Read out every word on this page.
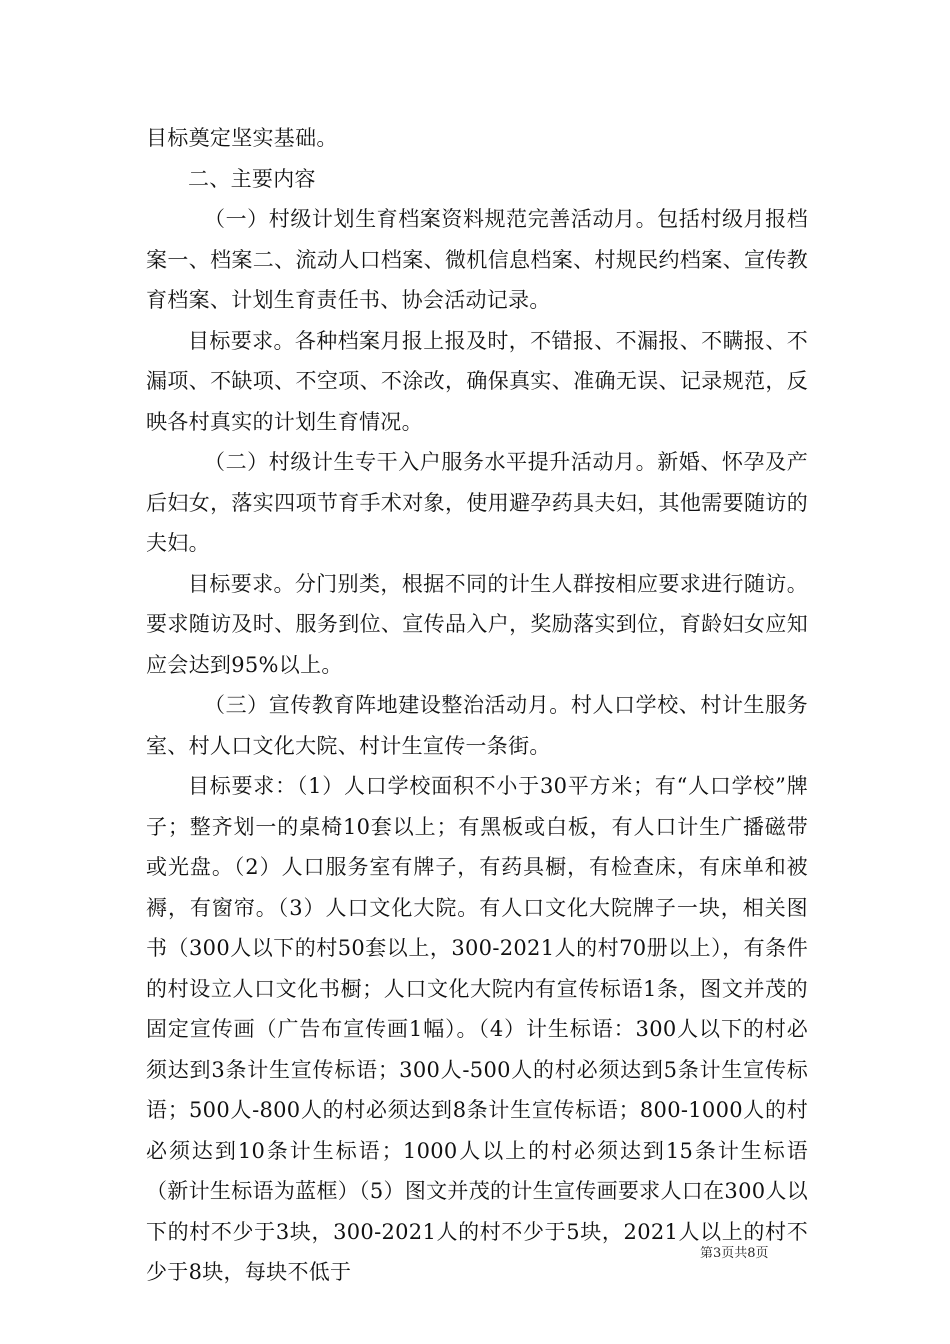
目标奠定坚实基础。

二、主要内容

（一）村级计划生育档案资料规范完善活动月。包括村级月报档案一、档案二、流动人口档案、微机信息档案、村规民约档案、宣传教育档案、计划生育责任书、协会活动记录。

目标要求。各种档案月报上报及时，不错报、不漏报、不瞒报、不漏项、不缺项、不空项、不涂改，确保真实、准确无误、记录规范，反映各村真实的计划生育情况。

（二）村级计生专干入户服务水平提升活动月。新婚、怀孕及产后妇女，落实四项节育手术对象，使用避孕药具夫妇，其他需要随访的夫妇。

目标要求。分门别类，根据不同的计生人群按相应要求进行随访。要求随访及时、服务到位、宣传品入户，奖励落实到位，育龄妇女应知应会达到95%以上。

（三）宣传教育阵地建设整治活动月。村人口学校、村计生服务室、村人口文化大院、村计生宣传一条街。

目标要求：（1）人口学校面积不小于30平方米；有“人口学校”牌子；整齐划一的桌椅10套以上；有黑板或白板，有人口计生广播磁带或光盘。（2）人口服务室有牌子，有药具橱，有检查床，有床单和被褥，有窗帘。（3）人口文化大院。有人口文化大院牌子一块，相关图书（300人以下的村50套以上，300-2021人的村70册以上），有条件的村设立人口文化书橱；人口文化大院内有宣传标语1条，图文并茂的固定宣传画（广告布宣传画1幅）。（4）计生标语：300人以下的村必须达到3条计生宣传标语；300人-500人的村必须达到5条计生宣传标语；500人-800人的村必须达到8条计生宣传标语；800-1000人的村必须达到10条计生标语；1000人以上的村必须达到15条计生标语（新计生标语为蓝框）（5）图文并茂的计生宣传画要求人口在300人以下的村不少于3块，300-2021人的村不少于5块，2021人以上的村不少于8块，每块不低于

第3页共8页
